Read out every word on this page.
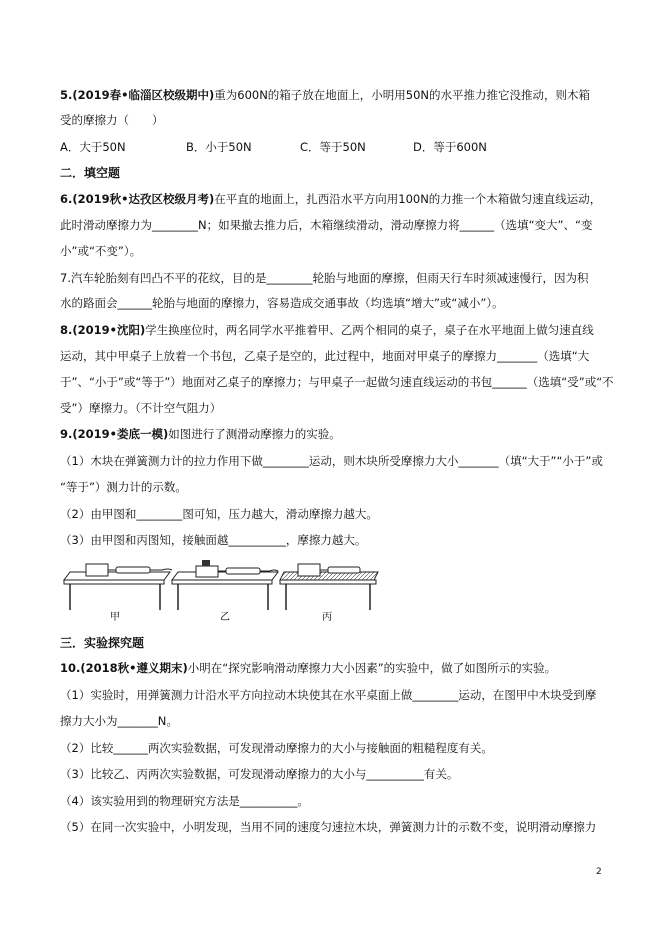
5.(2019春•临淄区校级期中)重为600N的箱子放在地面上，小明用50N的水平推力推它没推动，则木箱
受的摩擦力（　　）
A．大于50N	B．小于50N	C．等于50N	D．等于600N
二．填空题
6.(2019秋•达孜区校级月考)在平直的地面上，扎西沿水平方向用100N的力推一个木箱做匀速直线运动，
此时滑动摩擦力为________N；如果撤去推力后，木箱继续滑动，滑动摩擦力将______（选填“变大”、“变
小”或“不变”）。
7.汽车轮胎刻有凹凸不平的花纹，目的是________轮胎与地面的摩擦，但雨天行车时须减速慢行，因为积
水的路面会______轮胎与地面的摩擦力，容易造成交通事故（均选填“增大”或“减小”）。
8.(2019•沈阳)学生换座位时，两名同学水平推着甲、乙两个相同的桌子，桌子在水平地面上做匀速直线
运动，其中甲桌子上放着一个书包，乙桌子是空的，此过程中，地面对甲桌子的摩擦力_______（选填“大
于”、“小于”或“等于”）地面对乙桌子的摩擦力；与甲桌子一起做匀速直线运动的书包______（选填“受”或“不
受”）摩擦力。（不计空气阻力）
9.(2019•娄底一模)如图进行了测滑动摩擦力的实验。
（1）木块在弹簧测力计的拉力作用下做________运动，则木块所受摩擦力大小_______（填“大于”“小于”或
“等于”）测力计的示数。
（2）由甲图和________图可知，压力越大，滑动摩擦力越大。
（3）由甲图和丙图知，接触面越__________，摩擦力越大。
甲	乙	丙
三．实验探究题
10.(2018秋•遵义期末)小明在“探究影响滑动摩擦力大小因素”的实验中，做了如图所示的实验。
（1）实验时，用弹簧测力计沿水平方向拉动木块使其在水平桌面上做________运动，在图甲中木块受到摩
擦力大小为_______N。
（2）比较______两次实验数据，可发现滑动摩擦力的大小与接触面的粗糙程度有关。
（3）比较乙、丙两次实验数据，可发现滑动摩擦力的大小与__________有关。
（4）该实验用到的物理研究方法是__________。
（5）在同一次实验中，小明发现，当用不同的速度匀速拉木块，弹簧测力计的示数不变，说明滑动摩擦力
2
